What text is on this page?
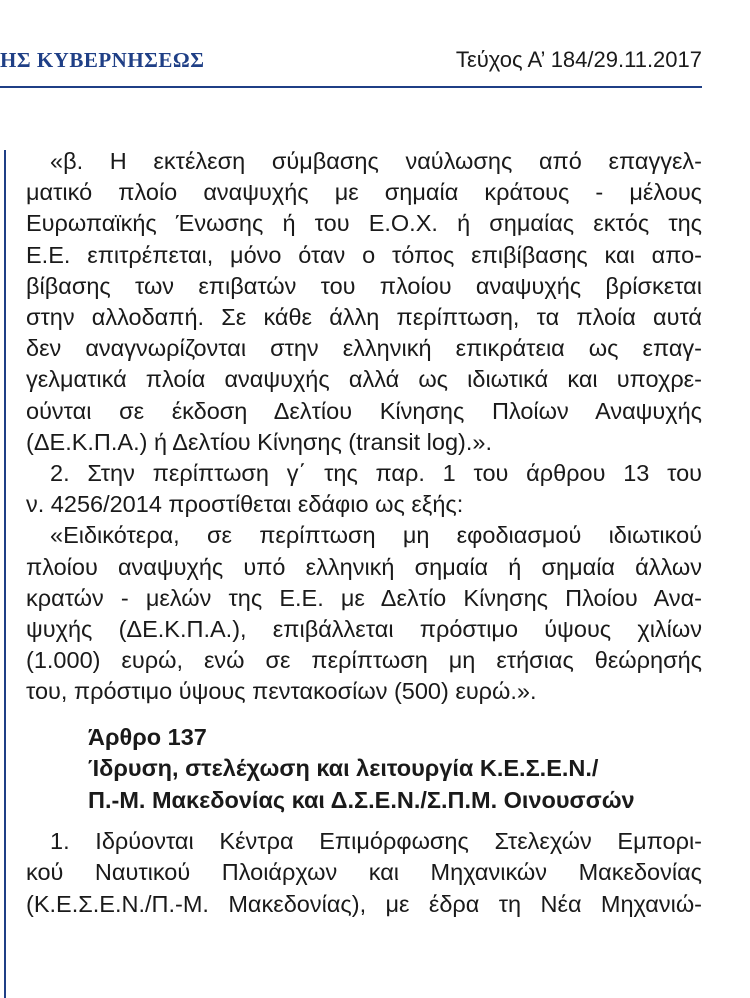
ΗΣ ΚΥΒΕΡΝΗΣΕΩΣ	Τεύχος Α’ 184/29.11.2017

«β. Η εκτέλεση σύμβασης ναύλωσης από επαγγελ-

ματικό πλοίο αναψυχής με σημαία κράτους - μέλους

Ευρωπαϊκής Ένωσης ή του Ε.Ο.Χ. ή σημαίας εκτός της

Ε.Ε. επιτρέπεται, μόνο όταν ο τόπος επιβίβασης και απο-

βίβασης των επιβατών του πλοίου αναψυχής βρίσκεται

στην αλλοδαπή. Σε κάθε άλλη περίπτωση, τα πλοία αυτά

δεν αναγνωρίζονται στην ελληνική επικράτεια ως επαγ-

γελματικά πλοία αναψυχής αλλά ως ιδιωτικά και υποχρε-

ούνται σε έκδοση Δελτίου Κίνησης Πλοίων Αναψυχής

(ΔΕ.Κ.Π.Α.) ή Δελτίου Κίνησης (transit log).».

2. Στην περίπτωση γ΄ της παρ. 1 του άρθρου 13 του

ν. 4256/2014 προστίθεται εδάφιο ως εξής:

«Ειδικότερα, σε περίπτωση μη εφοδιασμού ιδιωτικού

πλοίου αναψυχής υπό ελληνική σημαία ή σημαία άλλων

κρατών - μελών της Ε.Ε. με Δελτίο Κίνησης Πλοίου Ανα-

ψυχής (ΔΕ.Κ.Π.Α.), επιβάλλεται πρόστιμο ύψους χιλίων

(1.000) ευρώ, ενώ σε περίπτωση μη ετήσιας θεώρησής

του, πρόστιμο ύψους πεντακοσίων (500) ευρώ.».

Άρθρο 137

Ίδρυση, στελέχωση και λειτουργία Κ.Ε.Σ.Ε.Ν./

Π.-Μ. Μακεδονίας και Δ.Σ.Ε.Ν./Σ.Π.Μ. Οινουσσών

1. Ιδρύονται Κέντρα Επιμόρφωσης Στελεχών Εμπορι-

κού Ναυτικού Πλοιάρχων και Μηχανικών Μακεδονίας

(Κ.Ε.Σ.Ε.Ν./Π.-Μ. Μακεδονίας), με έδρα τη Νέα Μηχανιώ-
